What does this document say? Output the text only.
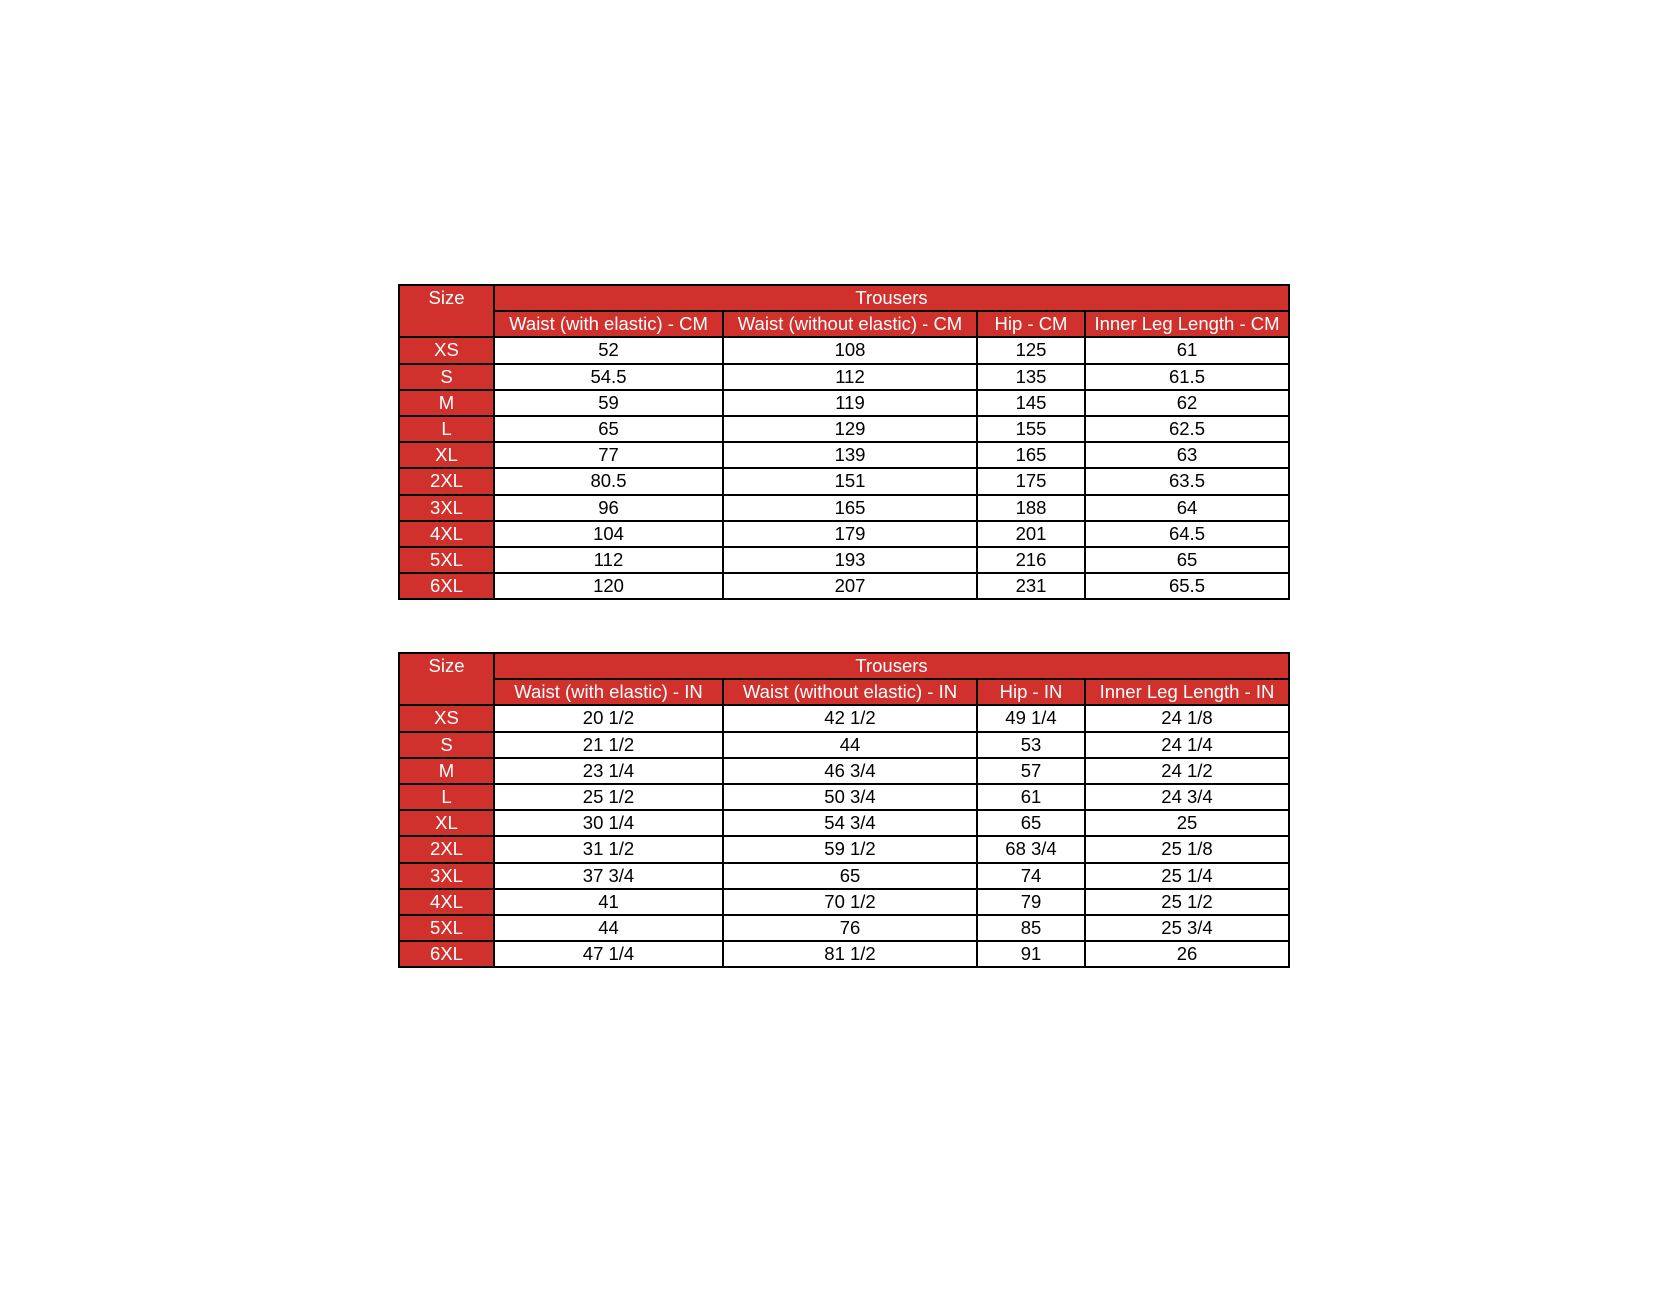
Size	Trousers			
	Waist (with elastic) - CM	Waist (without elastic) - CM	Hip - CM	Inner Leg Length - CM
XS	52	108	125	61
S	54.5	112	135	61.5
M	59	119	145	62
L	65	129	155	62.5
XL	77	139	165	63
2XL	80.5	151	175	63.5
3XL	96	165	188	64
4XL	104	179	201	64.5
5XL	112	193	216	65
6XL	120	207	231	65.5
Size	Trousers			
	Waist (with elastic) - IN	Waist (without elastic) - IN	Hip - IN	Inner Leg Length - IN
XS	20 1/2	42 1/2	49 1/4	24 1/8
S	21 1/2	44	53	24 1/4
M	23 1/4	46 3/4	57	24 1/2
L	25 1/2	50 3/4	61	24 3/4
XL	30 1/4	54 3/4	65	25
2XL	31 1/2	59 1/2	68 3/4	25 1/8
3XL	37 3/4	65	74	25 1/4
4XL	41	70 1/2	79	25 1/2
5XL	44	76	85	25 3/4
6XL	47 1/4	81 1/2	91	26
